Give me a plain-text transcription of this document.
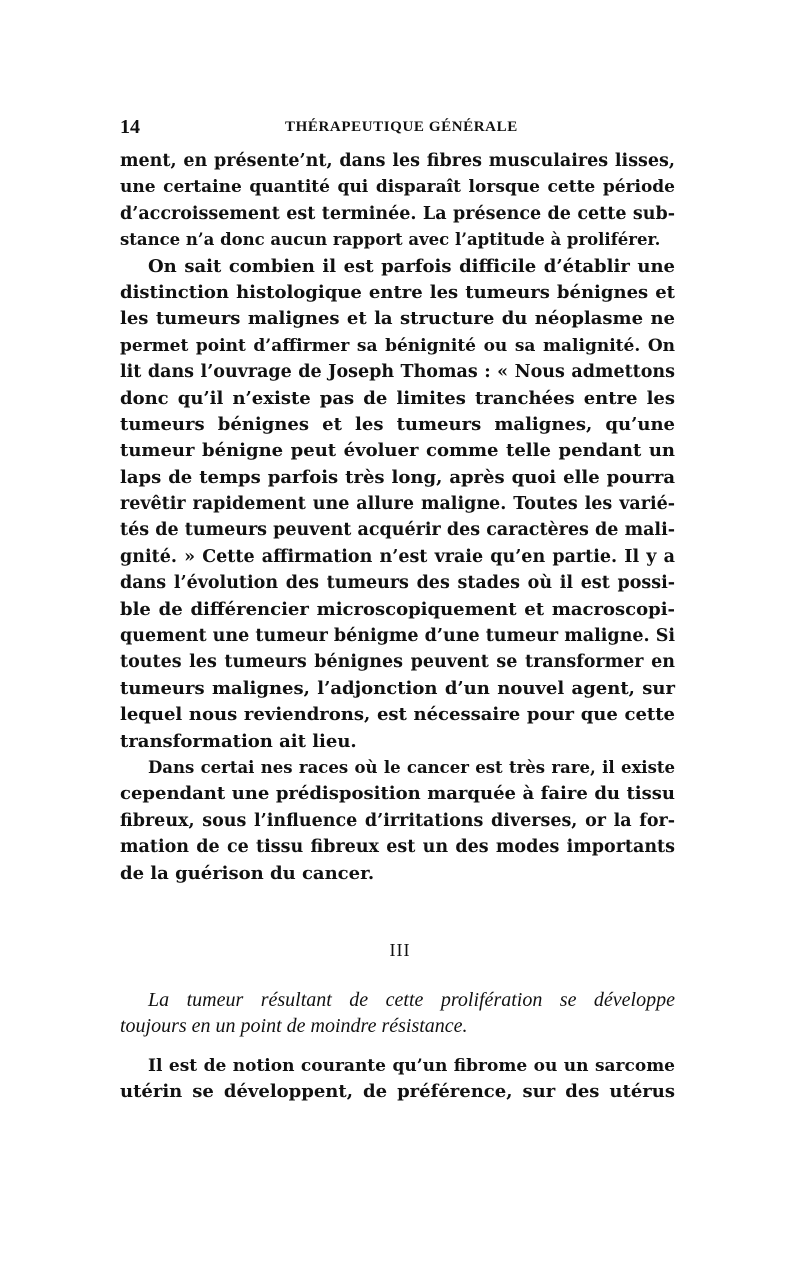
14	THÉRAPEUTIQUE GÉNÉRALE
ment, en présente’nt, dans les fibres musculaires lisses,
une certaine quantité qui disparaît lorsque cette période
d’accroissement est terminée. La présence de cette sub-
stance n’a donc aucun rapport avec l’aptitude à proliférer.
On sait combien il est parfois difficile d’établir une
distinction histologique entre les tumeurs bénignes et
les tumeurs malignes et la structure du néoplasme ne
permet point d’affirmer sa bénignité ou sa malignité. On
lit dans l’ouvrage de Joseph Thomas : « Nous admettons
donc qu’il n’existe pas de limites tranchées entre les
tumeurs bénignes et les tumeurs malignes, qu’une
tumeur bénigne peut évoluer comme telle pendant un
laps de temps parfois très long, après quoi elle pourra
revêtir rapidement une allure maligne. Toutes les varié-
tés de tumeurs peuvent acquérir des caractères de mali-
gnité. » Cette affirmation n’est vraie qu’en partie. Il y a
dans l’évolution des tumeurs des stades où il est possi-
ble de différencier microscopiquement et macroscopi-
quement une tumeur bénigme d’une tumeur maligne. Si
toutes les tumeurs bénignes peuvent se transformer en
tumeurs malignes, l’adjonction d’un nouvel agent, sur
lequel nous reviendrons, est nécessaire pour que cette
transformation ait lieu.
Dans certai nes races où le cancer est très rare, il existe
cependant une prédisposition marquée à faire du tissu
fibreux, sous l’influence d’irritations diverses, or la for-
mation de ce tissu fibreux est un des modes importants
de la guérison du cancer.
III
La tumeur résultant de cette prolifération se développe
toujours en un point de moindre résistance.
Il est de notion courante qu’un fibrome ou un sarcome
utérin se développent, de préférence, sur des utérus
